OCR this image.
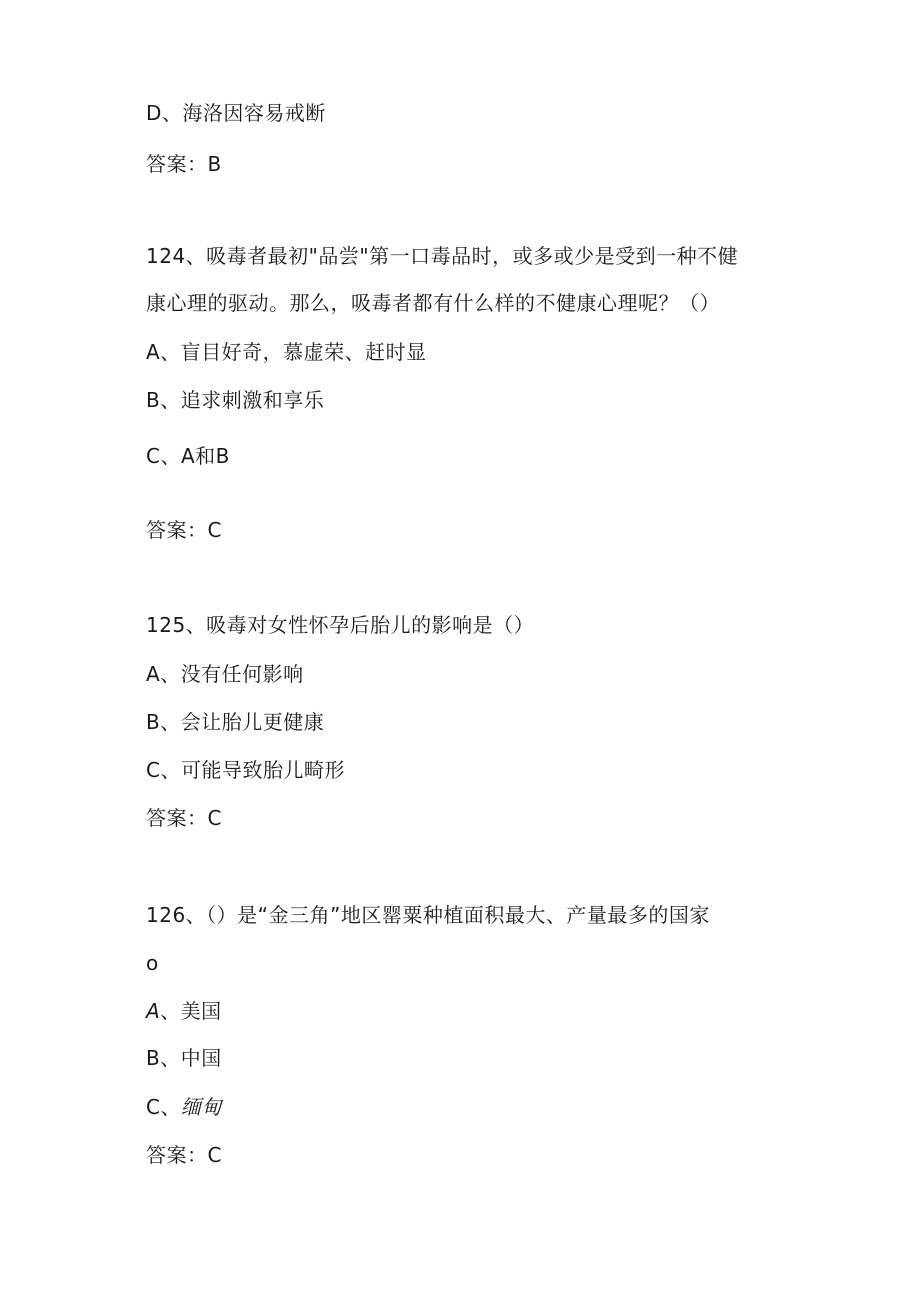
D、海洛因容易戒断
答案：B
124、吸毒者最初"品尝"第一口毒品时，或多或少是受到一种不健
康心理的驱动。那么，吸毒者都有什么样的不健康心理呢？（）
A、盲目好奇，慕虚荣、赶时显
B、追求刺激和享乐
C、A和B
答案：C
125、吸毒对女性怀孕后胎儿的影响是（）
A、没有任何影响
B、会让胎儿更健康
C、可能导致胎儿畸形
答案：C
126、（）是“金三角”地区罂粟种植面积最大、产量最多的国家
o
A、美国
B、中国
C、缅甸
答案：C
